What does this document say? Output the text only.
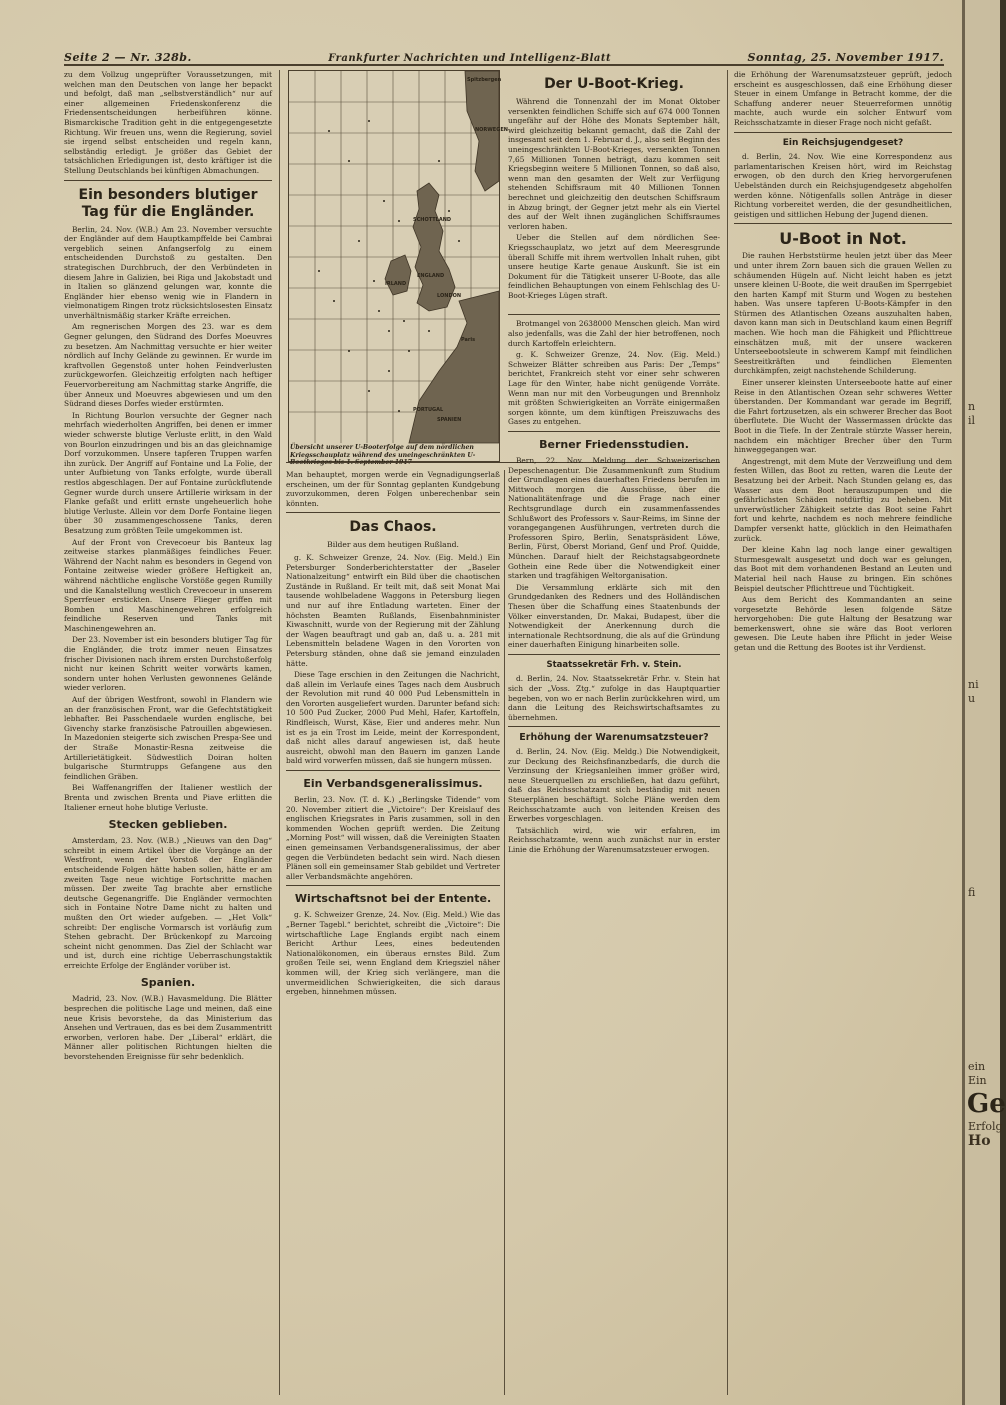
Seite 2 — Nr. 328b.	Frankfurter Nachrichten und Intelligenz-Blatt	Sonntag, 25. November 1917.

zu dem Vollzug ungeprüfter Voraussetzungen, mit welchen man den Deutschen von lange her bepackt und befolgt, daß man „selbstverständlich“ nur auf einer allgemeinen Friedenskonferenz die Friedensentscheidungen herbeiführen könne. Bismarckische Tradition geht in die entgegengesetzte Richtung. Wir freuen uns, wenn die Regierung, soviel sie irgend selbst entscheiden und regeln kann, selbständig erledigt. Je größer das Gebiet der tatsächlichen Erledigungen ist, desto kräftiger ist die Stellung Deutschlands bei künftigen Abmachungen.

Ein besonders blutiger Tag für die Engländer.

Berlin, 24. Nov. (W.B.) Am 23. November versuchte der Engländer auf dem Hauptkampffelde bei Cambrai vergeblich seinen Anfangserfolg zu einem entscheidenden Durchstoß zu gestalten. Den strategischen Durchbruch, der den Verbündeten in diesem Jahre in Galizien, bei Riga und Jakobstadt und in Italien so glänzend gelungen war, konnte die Engländer hier ebenso wenig wie in Flandern in vielmonatigem Ringen trotz rücksichtslosesten Einsatz unverhältnismäßig starker Kräfte erreichen.

Am regnerischen Morgen des 23. war es dem Gegner gelungen, den Südrand des Dorfes Moeuvres zu besetzen. Am Nachmittag versuchte er hier weiter nördlich auf Inchy Gelände zu gewinnen. Er wurde im kraftvollen Gegenstoß unter hohen Feindverlusten zurückgeworfen. Gleichzeitig erfolgten nach heftiger Feuervorbereitung am Nachmittag starke Angriffe, die über Anneux und Moeuvres abgewiesen und um den Südrand dieses Dorfes wieder erstürmten.

In Richtung Bourlon versuchte der Gegner nach mehrfach wiederholten Angriffen, bei denen er immer wieder schwerste blutige Verluste erlitt, in den Wald von Bourlon einzudringen und bis an das gleichnamige Dorf vorzukommen. Unsere tapferen Truppen warfen ihn zurück. Der Angriff auf Fontaine und La Folie, der unter Aufbietung von Tanks erfolgte, wurde überall restlos abgeschlagen. Der auf Fontaine zurückflutende Gegner wurde durch unsere Artillerie wirksam in der Flanke gefaßt und erlitt ernste ungeheuerlich hohe blutige Verluste. Allein vor dem Dorfe Fontaine liegen über 30 zusammengeschossene Tanks, deren Besatzung zum größten Teile umgekommen ist.

Auf der Front von Crevecoeur bis Banteux lag zeitweise starkes planmäßiges feindliches Feuer. Während der Nacht nahm es besonders in Gegend von Fontaine zeitweise wieder größere Heftigkeit an, während nächtliche englische Vorstöße gegen Rumilly und die Kanalstellung westlich Crevecoeur in unserem Sperrfeuer erstickten. Unsere Flieger griffen mit Bomben und Maschinengewehren erfolgreich feindliche Reserven und Tanks mit Maschinengewehren an.

Der 23. November ist ein besonders blutiger Tag für die Engländer, die trotz immer neuen Einsatzes frischer Divisionen nach ihrem ersten Durchstoßerfolg nicht nur keinen Schritt weiter vorwärts kamen, sondern unter hohen Verlusten gewonnenes Gelände wieder verloren.

Auf der übrigen Westfront, sowohl in Flandern wie an der französischen Front, war die Gefechtstätigkeit lebhafter. Bei Passchendaele wurden englische, bei Givenchy starke französische Patrouillen abgewiesen. In Mazedonien steigerte sich zwischen Prespa-See und der Straße Monastir-Resna zeitweise die Artillerietätigkeit. Südwestlich Doiran holten bulgarische Sturmtrupps Gefangene aus den feindlichen Gräben.

Bei Waffenangriffen der Italiener westlich der Brenta und zwischen Brenta und Piave erlitten die Italiener erneut hohe blutige Verluste.

Stecken geblieben.

Amsterdam, 23. Nov. (W.B.) „Nieuws van den Dag“ schreibt in einem Artikel über die Vorgänge an der Westfront, wenn der Vorstoß der Engländer entscheidende Folgen hätte haben sollen, hätte er am zweiten Tage neue wichtige Fortschritte machen müssen. Der zweite Tag brachte aber ernstliche deutsche Gegenangriffe. Die Engländer vermochten sich in Fontaine Notre Dame nicht zu halten und mußten den Ort wieder aufgeben. — „Het Volk“ schreibt: Der englische Vormarsch ist vorläufig zum Stehen gebracht. Der Brückenkopf zu Marcoing scheint nicht genommen. Das Ziel der Schlacht war und ist, durch eine richtige Ueberraschungstaktik erreichte Erfolge der Engländer vorüber ist.

Spanien.

Madrid, 23. Nov. (W.B.) Havasmeldung. Die Blätter besprechen die politische Lage und meinen, daß eine neue Krisis bevorstehe, da das Ministerium das Ansehen und Vertrauen, das es bei dem Zusammentritt erworben, verloren habe. Der „Liberal“ erklärt, die Männer aller politischen Richtungen hielten die bevorstehenden Ereignisse für sehr bedenklich.

SCHOTTLAND
ENGLAND
LONDON
IRLAND
Spitzbergen
NORWEGEN
Paris
SPANIEN
PORTUGAL
Übersicht unserer U-Booterfolge auf dem nördlichen Kriegsschauplatz während des uneingeschränkten U-Bootkrieges bis 1. September 1917

Man behauptet, morgen werde ein Vegnadigungserlaß erscheinen, um der für Sonntag geplanten Kundgebung zuvorzukommen, deren Folgen unberechenbar sein könnten.

Das Chaos.
Bilder aus dem heutigen Rußland.

g. K. Schweizer Grenze, 24. Nov. (Eig. Meld.) Ein Petersburger Sonderberichterstatter der „Baseler Nationalzeitung“ entwirft ein Bild über die chaotischen Zustände in Rußland. Er teilt mit, daß seit Monat Mai tausende wohlbeladene Waggons in Petersburg liegen und nur auf ihre Entladung warteten. Einer der höchsten Beamten Rußlands, Eisenbahnminister Kiwaschnitt, wurde von der Regierung mit der Zählung der Wagen beauftragt und gab an, daß u. a. 281 mit Lebensmitteln beladene Wagen in den Vororten von Petersburg ständen, ohne daß sie jemand einzuladen hätte.

Diese Tage erschien in den Zeitungen die Nachricht, daß allein im Verlaufe eines Tages nach dem Ausbruch der Revolution mit rund 40 000 Pud Lebensmitteln in den Vororten ausgeliefert wurden. Darunter befand sich: 10 500 Pud Zucker, 2000 Pud Mehl, Hafer, Kartoffeln, Rindfleisch, Wurst, Käse, Eier und anderes mehr. Nun ist es ja ein Trost im Leide, meint der Korrespondent, daß nicht alles darauf angewiesen ist, daß heute ausreicht, obwohl man den Bauern im ganzen Lande bald wird vorwerfen müssen, daß sie hungern müssen.

Ein Verbandsgeneralissimus.

Berlin, 23. Nov. (T. d. K.) „Berlingske Tidende“ vom 20. November zitiert die „Victoire“: Der Kreislauf des englischen Kriegsrates in Paris zusammen, soll in den kommenden Wochen geprüft werden. Die Zeitung „Morning Post“ will wissen, daß die Vereinigten Staaten einen gemeinsamen Verbandsgeneralissimus, der aber gegen die Verbündeten bedacht sein wird. Nach diesen Plänen soll ein gemeinsamer Stab gebildet und Vertreter aller Verbandsmächte angehören.

Wirtschaftsnot bei der Entente.

g. K. Schweizer Grenze, 24. Nov. (Eig. Meld.) Wie das „Berner Tagebl.“ berichtet, schreibt die „Victoire“: Die wirtschaftliche Lage Englands ergibt nach einem Bericht Arthur Lees, eines bedeutenden Nationalökonomen, ein überaus ernstes Bild. Zum großen Teile sei, wenn England dem Kriegsziel näher kommen will, der Krieg sich verlängere, man die unvermeidlichen Schwierigkeiten, die sich daraus ergeben, hinnehmen müssen.

Der U-Boot-Krieg.

Während die Tonnenzahl der im Monat Oktober versenkten feindlichen Schiffe sich auf 674 000 Tonnen ungefähr auf der Höhe des Monats September hält, wird gleichzeitig bekannt gemacht, daß die Zahl der insgesamt seit dem 1. Februar d. J., also seit Beginn des uneingeschränkten U-Boot-Krieges, versenkten Tonnen 7,65 Millionen Tonnen beträgt, dazu kommen seit Kriegsbeginn weitere 5 Millionen Tonnen, so daß also, wenn man den gesamten der Welt zur Verfügung stehenden Schiffsraum mit 40 Millionen Tonnen berechnet und gleichzeitig den deutschen Schiffsraum in Abzug bringt, der Gegner jetzt mehr als ein Viertel des auf der Welt ihnen zugänglichen Schiffsraumes verloren haben.

Ueber die Stellen auf dem nördlichen See-Kriegsschauplatz, wo jetzt auf dem Meeresgrunde überall Schiffe mit ihrem wertvollen Inhalt ruhen, gibt unsere heutige Karte genaue Auskunft. Sie ist ein Dokument für die Tätigkeit unserer U-Boote, das alle feindlichen Behauptungen von einem Fehlschlag des U-Boot-Krieges Lügen straft.

Brotmangel von 2638000 Menschen gleich. Man wird also jedenfalls, was die Zahl der hier betroffenen, noch durch Kartoffeln erleichtern.

g. K. Schweizer Grenze, 24. Nov. (Eig. Meld.) Schweizer Blätter schreiben aus Paris: Der „Temps“ berichtet, Frankreich steht vor einer sehr schweren Lage für den Winter, habe nicht genügende Vorräte. Wenn man nur mit den Vorbeugungen und Brennholz mit größten Schwierigkeiten an Vorräte einigermaßen sorgen könnte, um dem künftigen Preiszuwachs des Gases zu entgehen.

Berner Friedensstudien.

Bern, 22. Nov. Meldung der Schweizerischen Depeschenagentur. Die Zusammenkunft zum Studium der Grundlagen eines dauerhaften Friedens berufen im Mittwoch morgen die Ausschüsse, über die Nationalitätenfrage und die Frage nach einer Rechtsgrundlage durch ein zusammenfassendes Schlußwort des Professors v. Saur-Reims, im Sinne der vorangegangenen Ausführungen, vertreten durch die Professoren Spiro, Berlin, Senatspräsident Löwe, Berlin, Fürst, Oberst Moriand, Genf und Prof. Quidde, München. Darauf hielt der Reichstagsabgeordnete Gothein eine Rede über die Notwendigkeit einer starken und tragfähigen Weltorganisation.

Die Versammlung erklärte sich mit den Grundgedanken des Redners und des Holländischen Thesen über die Schaffung eines Staatenbunds der Völker einverstanden, Dr. Makai, Budapest, über die Notwendigkeit der Anerkennung durch die internationale Rechtsordnung, die als auf die Gründung einer dauerhaften Einigung hinarbeiten solle.

Staatssekretär Frh. v. Stein.

d. Berlin, 24. Nov. Staatssekretär Frhr. v. Stein hat sich der „Voss. Ztg.“ zufolge in das Hauptquartier begeben, von wo er nach Berlin zurückkehren wird, um dann die Leitung des Reichswirtschaftsamtes zu übernehmen.

Erhöhung der Warenumsatzsteuer?

d. Berlin, 24. Nov. (Eig. Meldg.) Die Notwendigkeit, zur Deckung des Reichsfinanzbedarfs, die durch die Verzinsung der Kriegsanleihen immer größer wird, neue Steuerquellen zu erschließen, hat dazu geführt, daß das Reichsschatzamt sich beständig mit neuen Steuerplänen beschäftigt. Solche Pläne werden dem Reichsschatzamte auch von leitenden Kreisen des Erwerbes vorgeschlagen.

Tatsächlich wird, wie wir erfahren, im Reichsschatzamte, wenn auch zunächst nur in erster Linie die Erhöhung der Warenumsatzsteuer erwogen.

die Erhöhung der Warenumsatzsteuer geprüft, jedoch erscheint es ausgeschlossen, daß eine Erhöhung dieser Steuer in einem Umfange in Betracht komme, der die Schaffung anderer neuer Steuerreformen unnötig machte, auch wurde ein solcher Entwurf vom Reichsschatzamte in dieser Frage noch nicht gefaßt.

Ein Reichsjugendgeset?

d. Berlin, 24. Nov. Wie eine Korrespondenz aus parlamentarischen Kreisen hört, wird im Reichstag erwogen, ob den durch den Krieg hervorgerufenen Uebelständen durch ein Reichsjugendgesetz abgeholfen werden könne. Nötigenfalls sollen Anträge in dieser Richtung vorbereitet werden, die der gesundheitlichen, geistigen und sittlichen Hebung der Jugend dienen.

U-Boot in Not.

Die rauhen Herbststürme heulen jetzt über das Meer und unter ihrem Zorn bauen sich die grauen Wellen zu schäumenden Hügeln auf. Nicht leicht haben es jetzt unsere kleinen U-Boote, die weit draußen im Sperrgebiet den harten Kampf mit Sturm und Wogen zu bestehen haben. Was unsere tapferen U-Boots-Kämpfer in den Stürmen des Atlantischen Ozeans auszuhalten haben, davon kann man sich in Deutschland kaum einen Begriff machen. Wie hoch man die Fähigkeit und Pflichttreue einschätzen muß, mit der unsere wackeren Unterseebootsleute in schwerem Kampf mit feindlichen Seestreitkräften und feindlichen Elementen durchkämpfen, zeigt nachstehende Schilderung.

Einer unserer kleinsten Unterseeboote hatte auf einer Reise in den Atlantischen Ozean sehr schweres Wetter überstanden. Der Kommandant war gerade im Begriff, die Fahrt fortzusetzen, als ein schwerer Brecher das Boot überflutete. Die Wucht der Wassermassen drückte das Boot in die Tiefe. In der Zentrale stürzte Wasser herein, nachdem ein mächtiger Brecher über den Turm hinweggegangen war.

Angestrengt, mit dem Mute der Verzweiflung und dem festen Willen, das Boot zu retten, waren die Leute der Besatzung bei der Arbeit. Nach Stunden gelang es, das Wasser aus dem Boot herauszupumpen und die gefährlichsten Schäden notdürftig zu beheben. Mit unverwüstlicher Zähigkeit setzte das Boot seine Fahrt fort und kehrte, nachdem es noch mehrere feindliche Dampfer versenkt hatte, glücklich in den Heimathafen zurück.

Der kleine Kahn lag noch lange einer gewaltigen Sturmesgewalt ausgesetzt und doch war es gelungen, das Boot mit dem vorhandenen Bestand an Leuten und Material heil nach Hause zu bringen. Ein schönes Beispiel deutscher Pflichttreue und Tüchtigkeit.

Aus dem Bericht des Kommandanten an seine vorgesetzte Behörde lesen folgende Sätze hervorgehoben: Die gute Haltung der Besatzung war bemerkenswert, ohne sie wäre das Boot verloren gewesen. Die Leute haben ihre Pflicht in jeder Weise getan und die Rettung des Bootes ist ihr Verdienst.

n
il
ni
u
fi
ein
Ein
Ge
Erfolg
Ho
